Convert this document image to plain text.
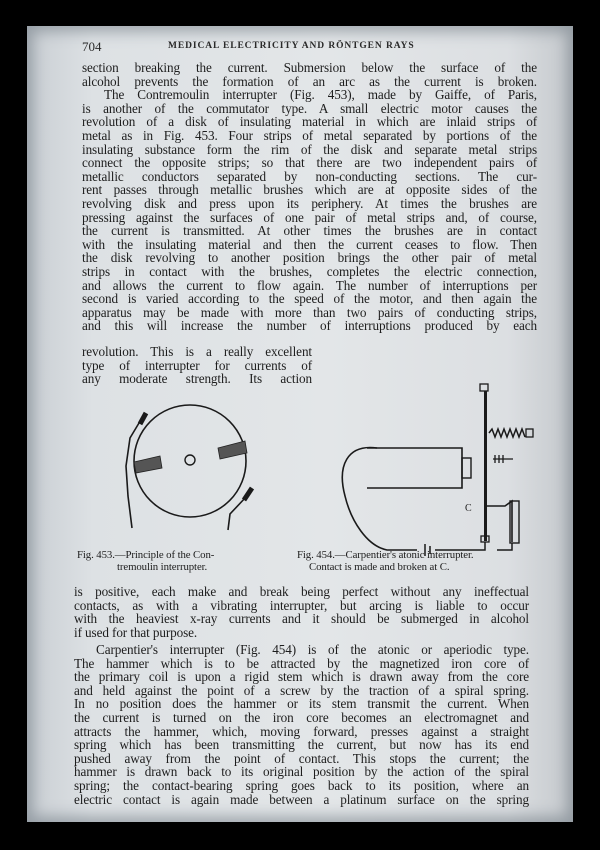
704	MEDICAL ELECTRICITY AND RÖNTGEN RAYS
section breaking the current. Submersion below the surface of the
alcohol prevents the formation of an arc as the current is broken.
The Contremoulin interrupter (Fig. 453), made by Gaiffe, of Paris,
is another of the commutator type. A small electric motor causes the
revolution of a disk of insulating material in which are inlaid strips of
metal as in Fig. 453. Four strips of metal separated by portions of the
insulating substance form the rim of the disk and separate metal strips
connect the opposite strips; so that there are two independent pairs of
metallic conductors separated by non-conducting sections. The cur-
rent passes through metallic brushes which are at opposite sides of the
revolving disk and press upon its periphery. At times the brushes are
pressing against the surfaces of one pair of metal strips and, of course,
the current is transmitted. At other times the brushes are in contact
with the insulating material and then the current ceases to flow. Then
the disk revolving to another position brings the other pair of metal
strips in contact with the brushes, completes the electric connection,
and allows the current to flow again. The number of interruptions per
second is varied according to the speed of the motor, and then again the
apparatus may be made with more than two pairs of conducting strips,
and this will increase the number of interruptions produced by each
revolution. This is a really excellent
type of interrupter for currents of
any moderate strength. Its action
C
Fig. 453.—Principle of the Con-
tremoulin interrupter.
Fig. 454.—Carpentier's atonic interrupter.
Contact is made and broken at C.
is positive, each make and break being perfect without any ineffectual
contacts, as with a vibrating interrupter, but arcing is liable to occur
with the heaviest x-ray currents and it should be submerged in alcohol
if used for that purpose.
Carpentier's interrupter (Fig. 454) is of the atonic or aperiodic type.
The hammer which is to be attracted by the magnetized iron core of
the primary coil is upon a rigid stem which is drawn away from the core
and held against the point of a screw by the traction of a spiral spring.
In no position does the hammer or its stem transmit the current. When
the current is turned on the iron core becomes an electromagnet and
attracts the hammer, which, moving forward, presses against a straight
spring which has been transmitting the current, but now has its end
pushed away from the point of contact. This stops the current; the
hammer is drawn back to its original position by the action of the spiral
spring; the contact-bearing spring goes back to its position, where an
electric contact is again made between a platinum surface on the spring
